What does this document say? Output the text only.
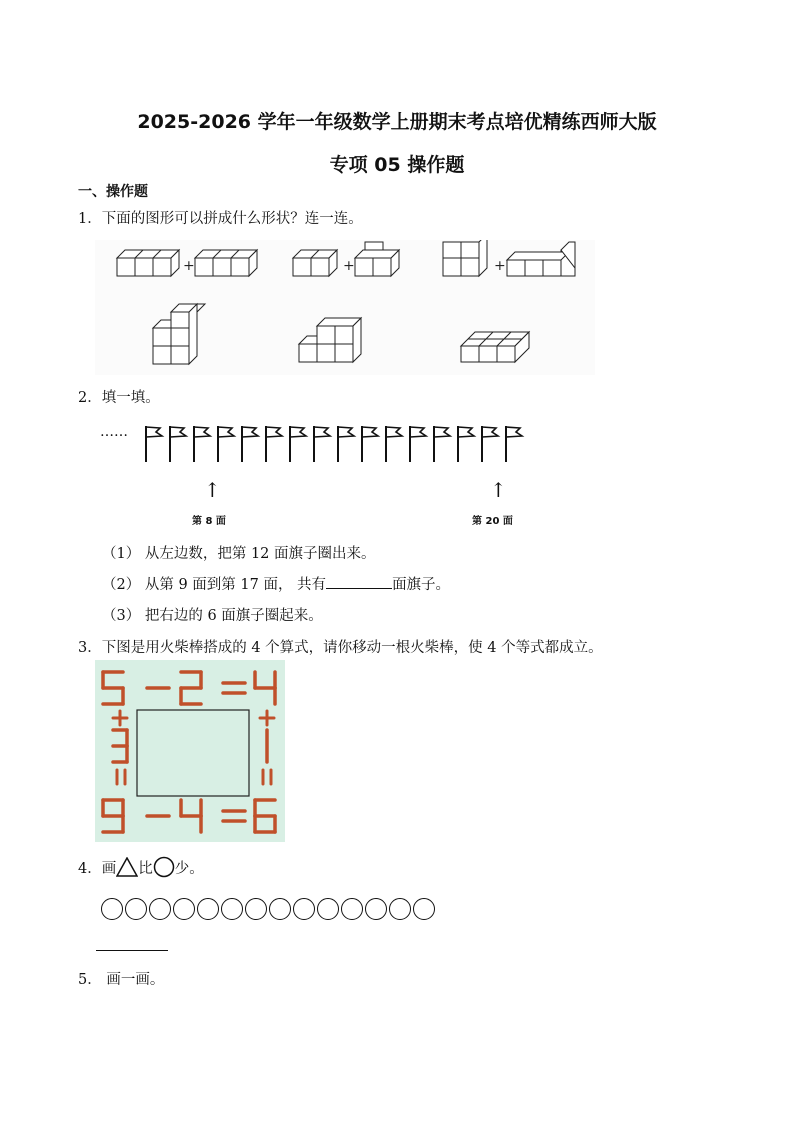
2025-2026 学年一年级数学上册期末考点培优精练西师大版
专项 05 操作题
一、操作题
1．下面的图形可以拼成什么形状？连一连。
+	+	+
2．填一填。
……
↑	↑
第 8 面	第 20 面
（1） 从左边数，把第 12 面旗子圈出来。
（2） 从第 9 面到第 17 面， 共有	面旗子。
（3） 把右边的 6 面旗子圈起来。
3．下图是用火柴棒搭成的 4 个算式，请你移动一根火柴棒，使 4 个等式都成立。
4．画 比 少。
5． 画一画。
